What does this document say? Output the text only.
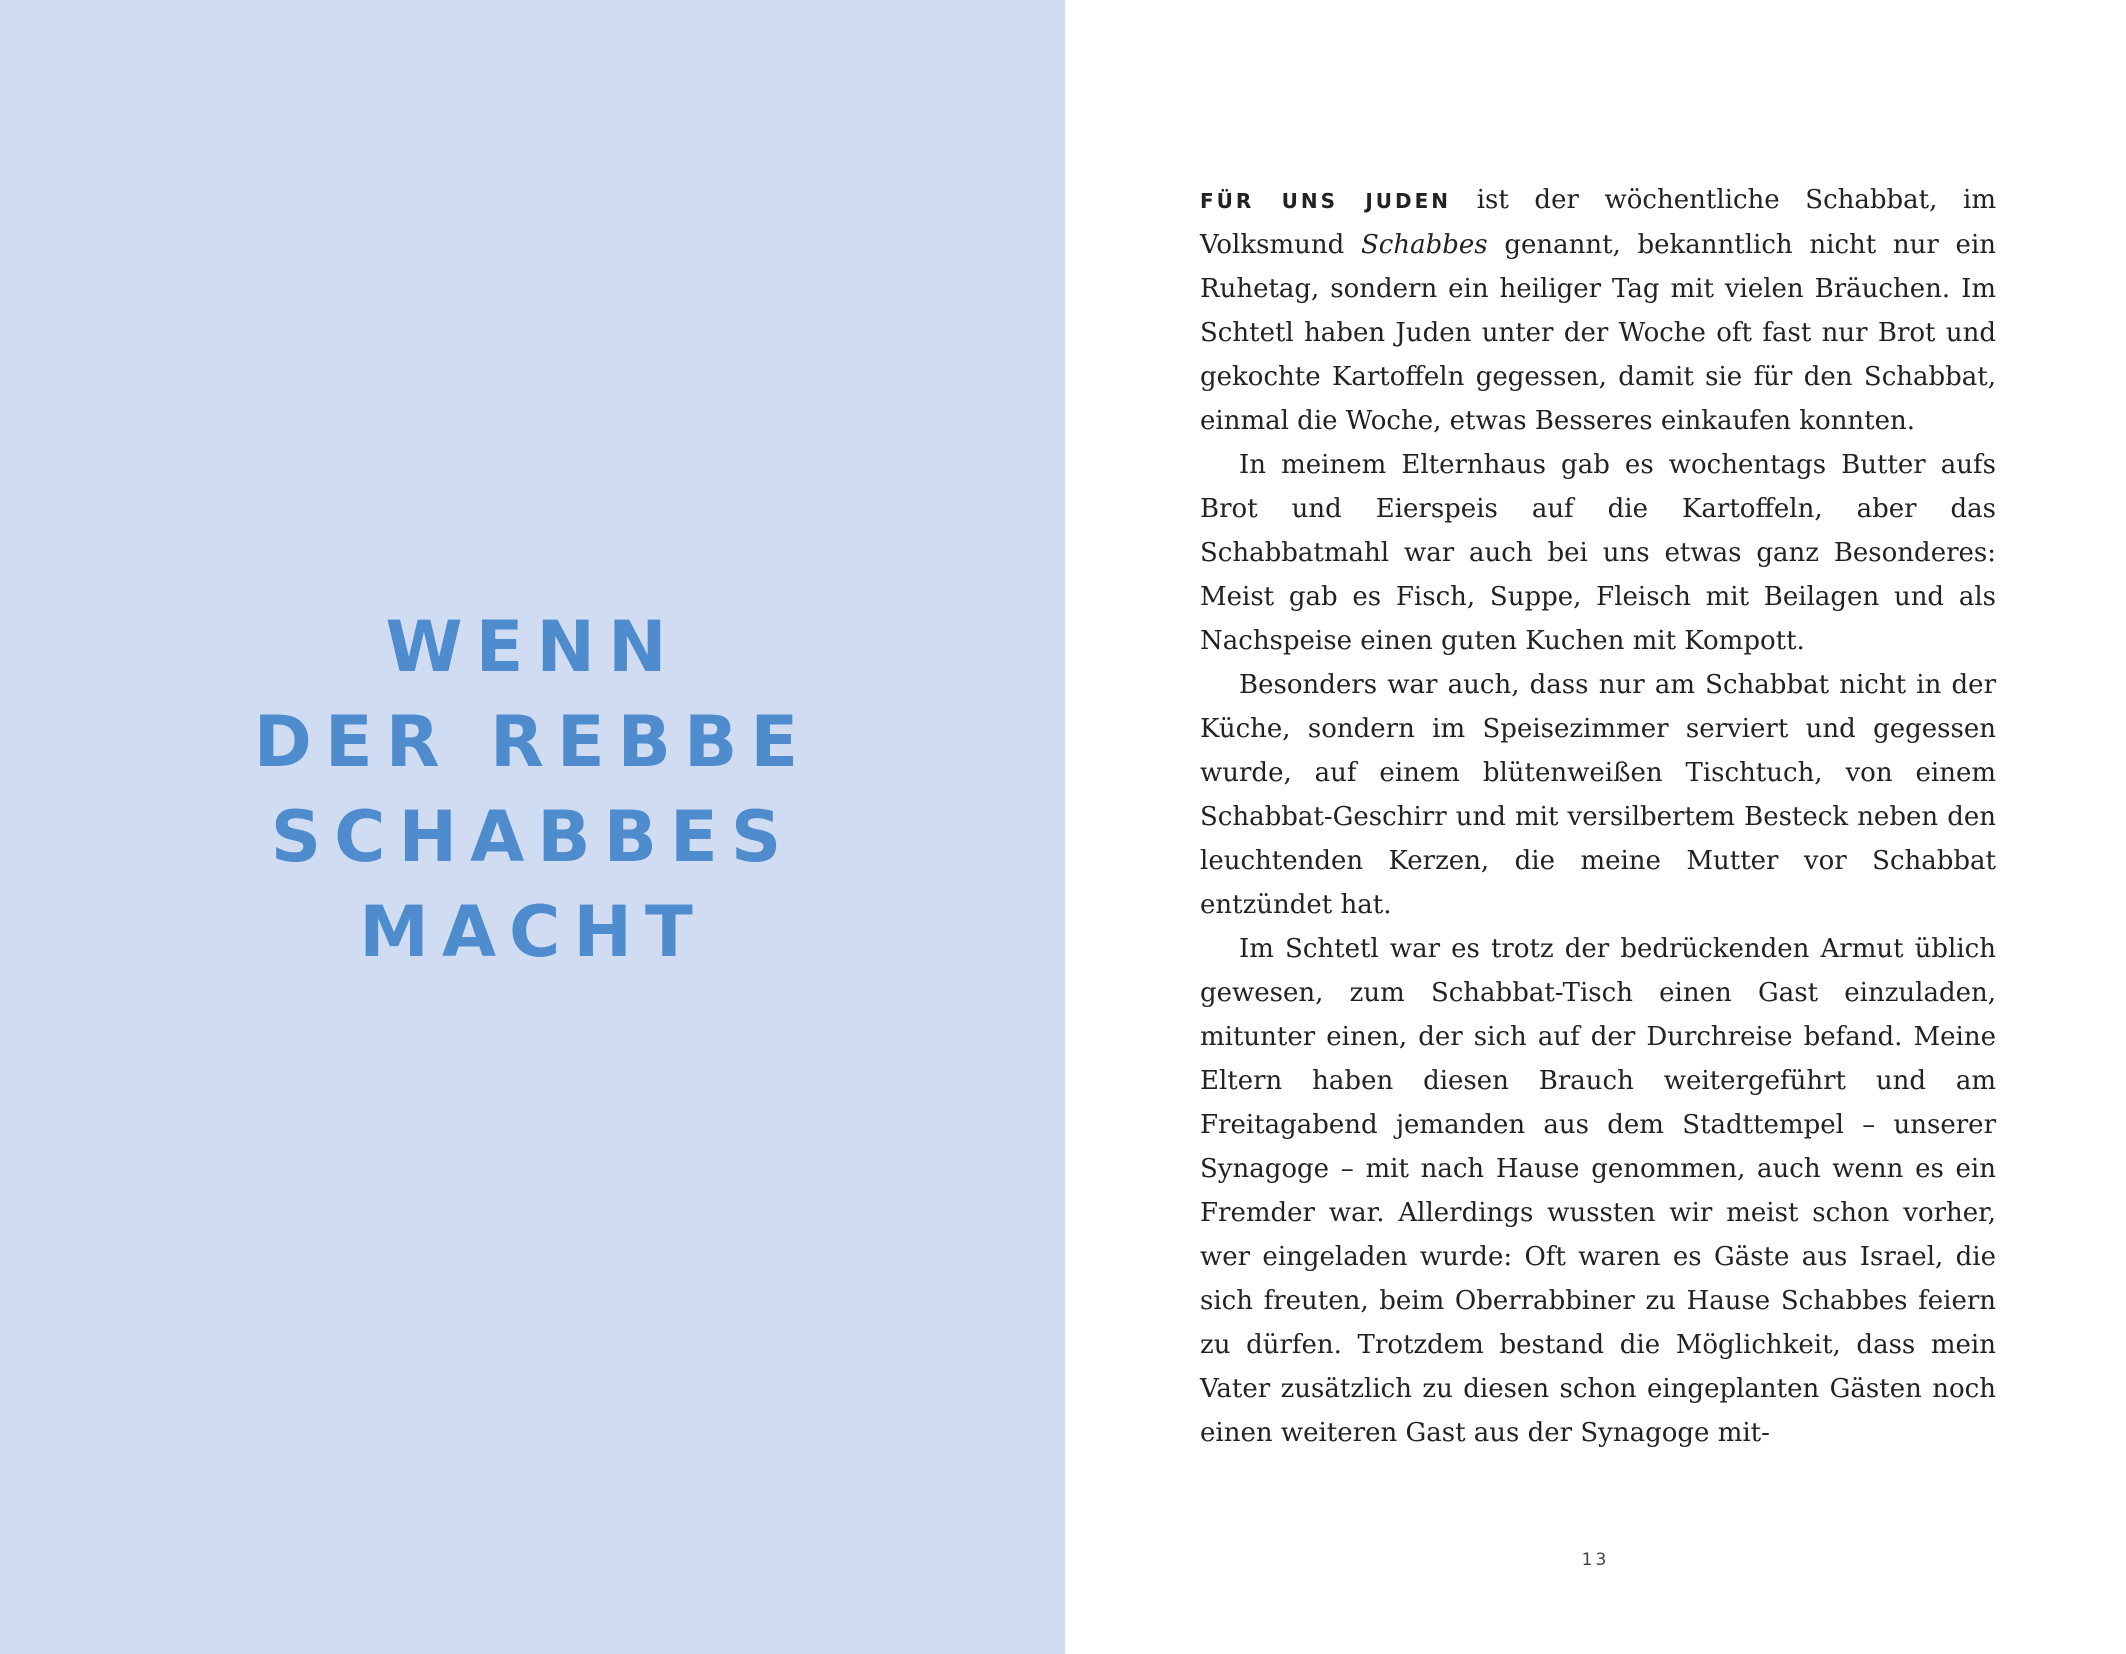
WENN
DER REBBE
SCHABBES
MACHT

FÜR UNS JUDEN ist der wöchentliche Schabbat, im Volksmund Schabbes genannt, bekanntlich nicht nur ein Ruhetag, sondern ein heiliger Tag mit vielen Bräuchen. Im Schtetl haben Juden unter der Woche oft fast nur Brot und gekochte Kartoffeln gegessen, damit sie für den Schabbat, einmal die Woche, etwas Besseres einkaufen konnten.

In meinem Elternhaus gab es wochentags Butter aufs Brot und Eierspeis auf die Kartoffeln, aber das Schabbatmahl war auch bei uns etwas ganz Besonderes: Meist gab es Fisch, Suppe, Fleisch mit Beilagen und als Nachspeise einen guten Kuchen mit Kompott.

Besonders war auch, dass nur am Schabbat nicht in der Küche, sondern im Speisezimmer serviert und gegessen wurde, auf einem blütenweißen Tischtuch, von einem Schabbat-Geschirr und mit versilbertem Besteck neben den leuchtenden Kerzen, die meine Mutter vor Schabbat entzündet hat.

Im Schtetl war es trotz der bedrückenden Armut üblich gewesen, zum Schabbat-Tisch einen Gast einzuladen, mitunter einen, der sich auf der Durchreise befand. Meine Eltern haben diesen Brauch weitergeführt und am Freitagabend jemanden aus dem Stadttempel – unserer Synagoge – mit nach Hause genommen, auch wenn es ein Fremder war. Allerdings wussten wir meist schon vorher, wer eingeladen wurde: Oft waren es Gäste aus Israel, die sich freuten, beim Oberrabbiner zu Hause Schabbes feiern zu dürfen. Trotzdem bestand die Möglichkeit, dass mein Vater zusätzlich zu diesen schon eingeplanten Gästen noch einen weiteren Gast aus der Synagoge mit-

13
